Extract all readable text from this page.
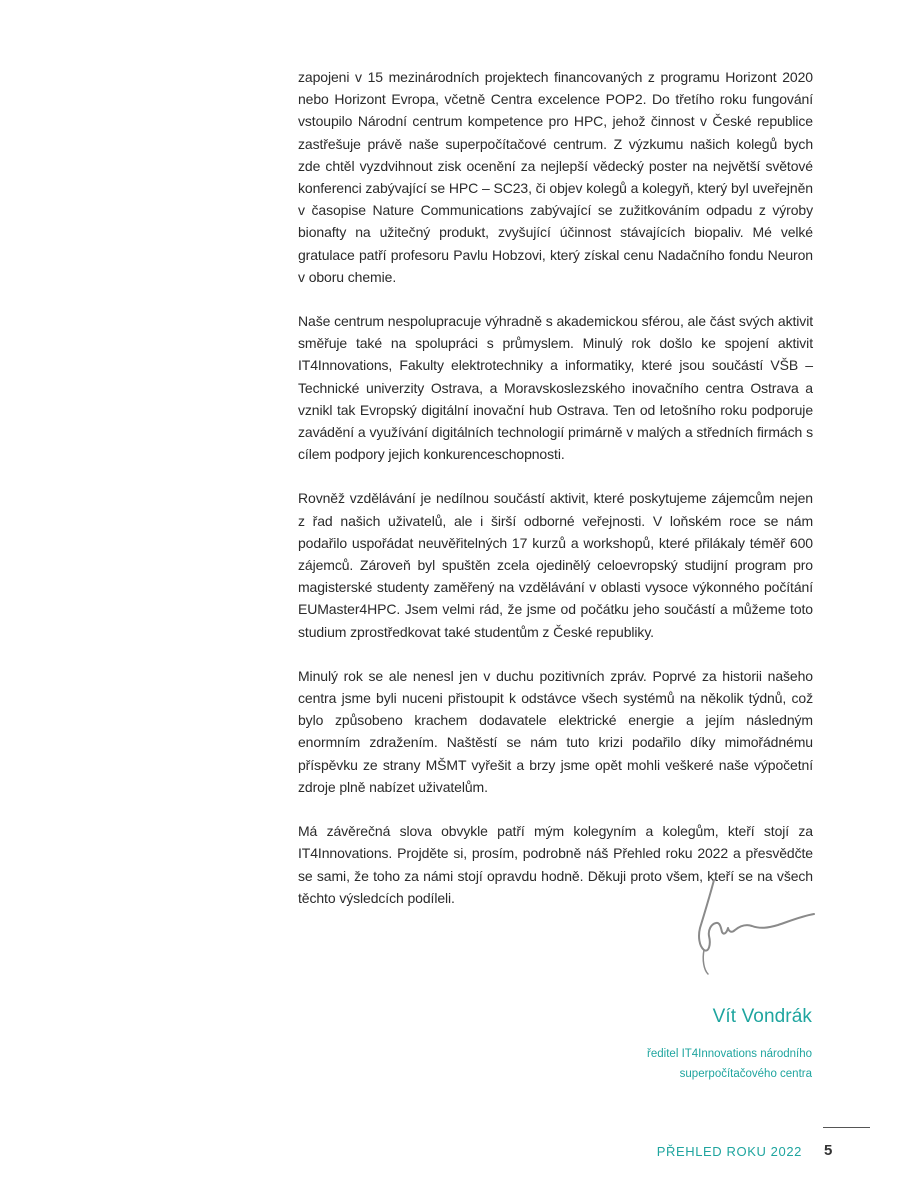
zapojeni v 15 mezinárodních projektech financovaných z programu Horizont 2020 nebo Horizont Evropa, včetně Centra excelence POP2. Do třetího roku fungování vstoupilo Národní centrum kompetence pro HPC, jehož činnost v České republice zastřešuje právě naše superpočítačové centrum. Z výzkumu našich kolegů bych zde chtěl vyzdvihnout zisk ocenění za nejlepší vědecký poster na největší světové konferenci zabývající se HPC – SC23, či objev kolegů a kolegyň, který byl uveřejněn v časopise Nature Communications zabývající se zužitkováním odpadu z výroby bionafty na užitečný produkt, zvyšující účinnost stávajících biopaliv. Mé velké gratulace patří profesoru Pavlu Hobzovi, který získal cenu Nadačního fondu Neuron v oboru chemie.

Naše centrum nespolupracuje výhradně s akademickou sférou, ale část svých aktivit směřuje také na spolupráci s průmyslem. Minulý rok došlo ke spojení aktivit IT4Innovations, Fakulty elektrotechniky a informatiky, které jsou součástí VŠB – Technické univerzity Ostrava, a Moravskoslezského inovačního centra Ostrava a vznikl tak Evropský digitální inovační hub Ostrava. Ten od letošního roku podporuje zavádění a využívání digitálních technologií primárně v malých a středních firmách s cílem podpory jejich konkurenceschopnosti.

Rovněž vzdělávání je nedílnou součástí aktivit, které poskytujeme zájemcům nejen z řad našich uživatelů, ale i širší odborné veřejnosti. V loňském roce se nám podařilo uspořádat neuvěřitelných 17 kurzů a workshopů, které přilákaly téměř 600 zájemců. Zároveň byl spuštěn zcela ojedinělý celoevropský studijní program pro magisterské studenty zaměřený na vzdělávání v oblasti vysoce výkonného počítání EUMaster4HPC. Jsem velmi rád, že jsme od počátku jeho součástí a můžeme toto studium zprostředkovat také studentům z České republiky.

Minulý rok se ale nenesl jen v duchu pozitivních zpráv. Poprvé za historii našeho centra jsme byli nuceni přistoupit k odstávce všech systémů na několik týdnů, což bylo způsobeno krachem dodavatele elektrické energie a jejím následným enormním zdražením. Naštěstí se nám tuto krizi podařilo díky mimořádnému příspěvku ze strany MŠMT vyřešit a brzy jsme opět mohli veškeré naše výpočetní zdroje plně nabízet uživatelům.

Má závěrečná slova obvykle patří mým kolegyním a kolegům, kteří stojí za IT4Innovations. Projděte si, prosím, podrobně náš Přehled roku 2022 a přesvědčte se sami, že toho za námi stojí opravdu hodně. Děkuji proto všem, kteří se na všech těchto výsledcích podíleli.

Vít Vondrák
ředitel IT4Innovations národního
superpočítačového centra
PŘEHLED ROKU 2022 5
